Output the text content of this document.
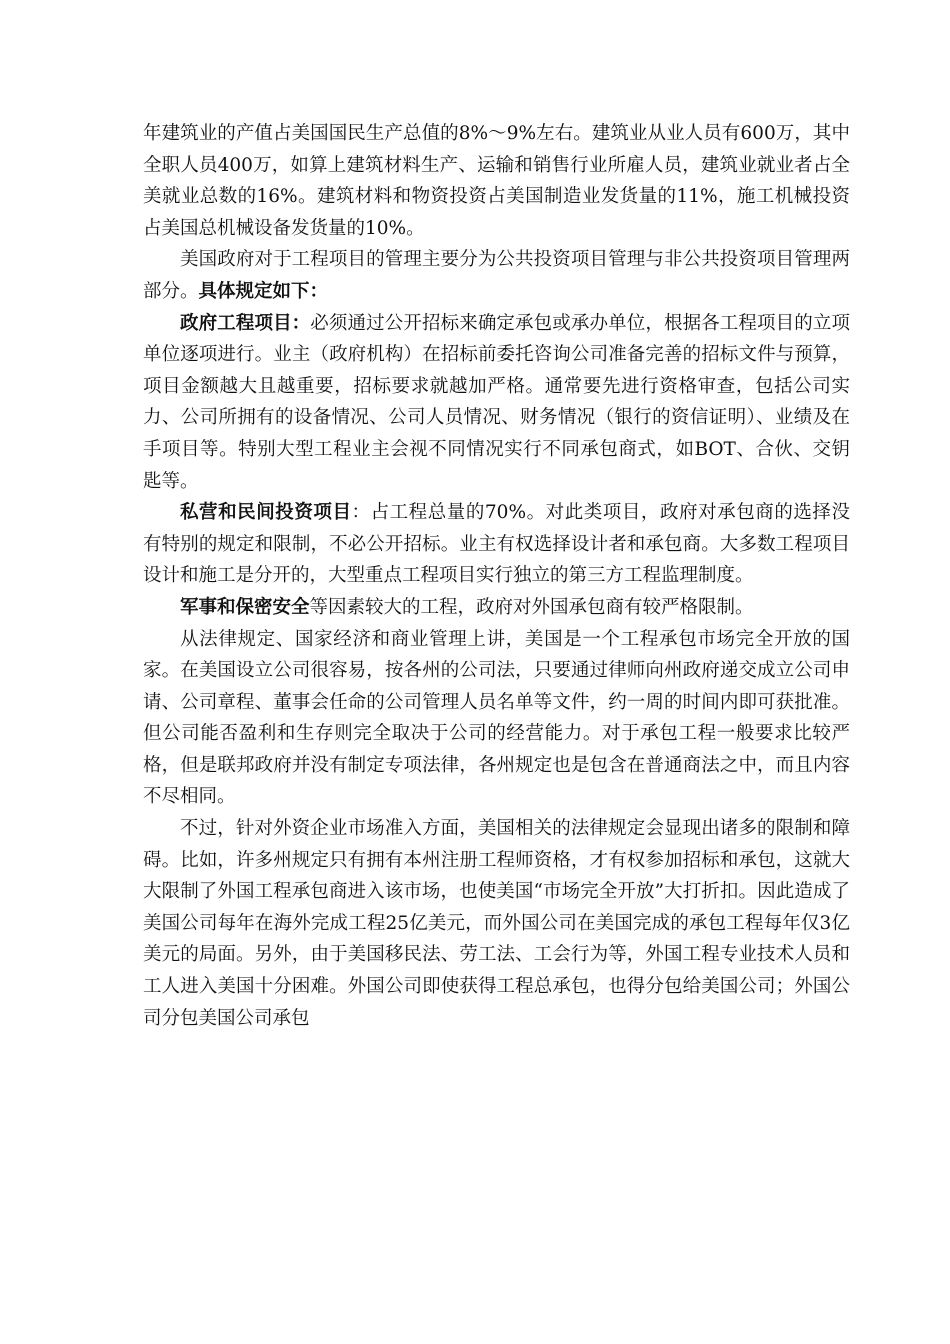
年建筑业的产值占美国国民生产总值的8%～9%左右。建筑业从业人员有600万，其中全职人员400万，如算上建筑材料生产、运输和销售行业所雇人员，建筑业就业者占全美就业总数的16%。建筑材料和物资投资占美国制造业发货量的11%，施工机械投资占美国总机械设备发货量的10%。

美国政府对于工程项目的管理主要分为公共投资项目管理与非公共投资项目管理两部分。具体规定如下：

政府工程项目：必须通过公开招标来确定承包或承办单位，根据各工程项目的立项单位逐项进行。业主（政府机构）在招标前委托咨询公司准备完善的招标文件与预算，项目金额越大且越重要，招标要求就越加严格。通常要先进行资格审查，包括公司实力、公司所拥有的设备情况、公司人员情况、财务情况（银行的资信证明）、业绩及在手项目等。特别大型工程业主会视不同情况实行不同承包商式，如BOT、合伙、交钥匙等。

私营和民间投资项目：占工程总量的70%。对此类项目，政府对承包商的选择没有特别的规定和限制，不必公开招标。业主有权选择设计者和承包商。大多数工程项目设计和施工是分开的，大型重点工程项目实行独立的第三方工程监理制度。

军事和保密安全等因素较大的工程，政府对外国承包商有较严格限制。

从法律规定、国家经济和商业管理上讲，美国是一个工程承包市场完全开放的国家。在美国设立公司很容易，按各州的公司法，只要通过律师向州政府递交成立公司申请、公司章程、董事会任命的公司管理人员名单等文件，约一周的时间内即可获批准。但公司能否盈利和生存则完全取决于公司的经营能力。对于承包工程一般要求比较严格，但是联邦政府并没有制定专项法律，各州规定也是包含在普通商法之中，而且内容不尽相同。

不过，针对外资企业市场准入方面，美国相关的法律规定会显现出诸多的限制和障碍。比如，许多州规定只有拥有本州注册工程师资格，才有权参加招标和承包，这就大大限制了外国工程承包商进入该市场，也使美国“市场完全开放”大打折扣。因此造成了美国公司每年在海外完成工程25亿美元，而外国公司在美国完成的承包工程每年仅3亿美元的局面。另外，由于美国移民法、劳工法、工会行为等，外国工程专业技术人员和工人进入美国十分困难。外国公司即使获得工程总承包，也得分包给美国公司；外国公司分包美国公司承包
